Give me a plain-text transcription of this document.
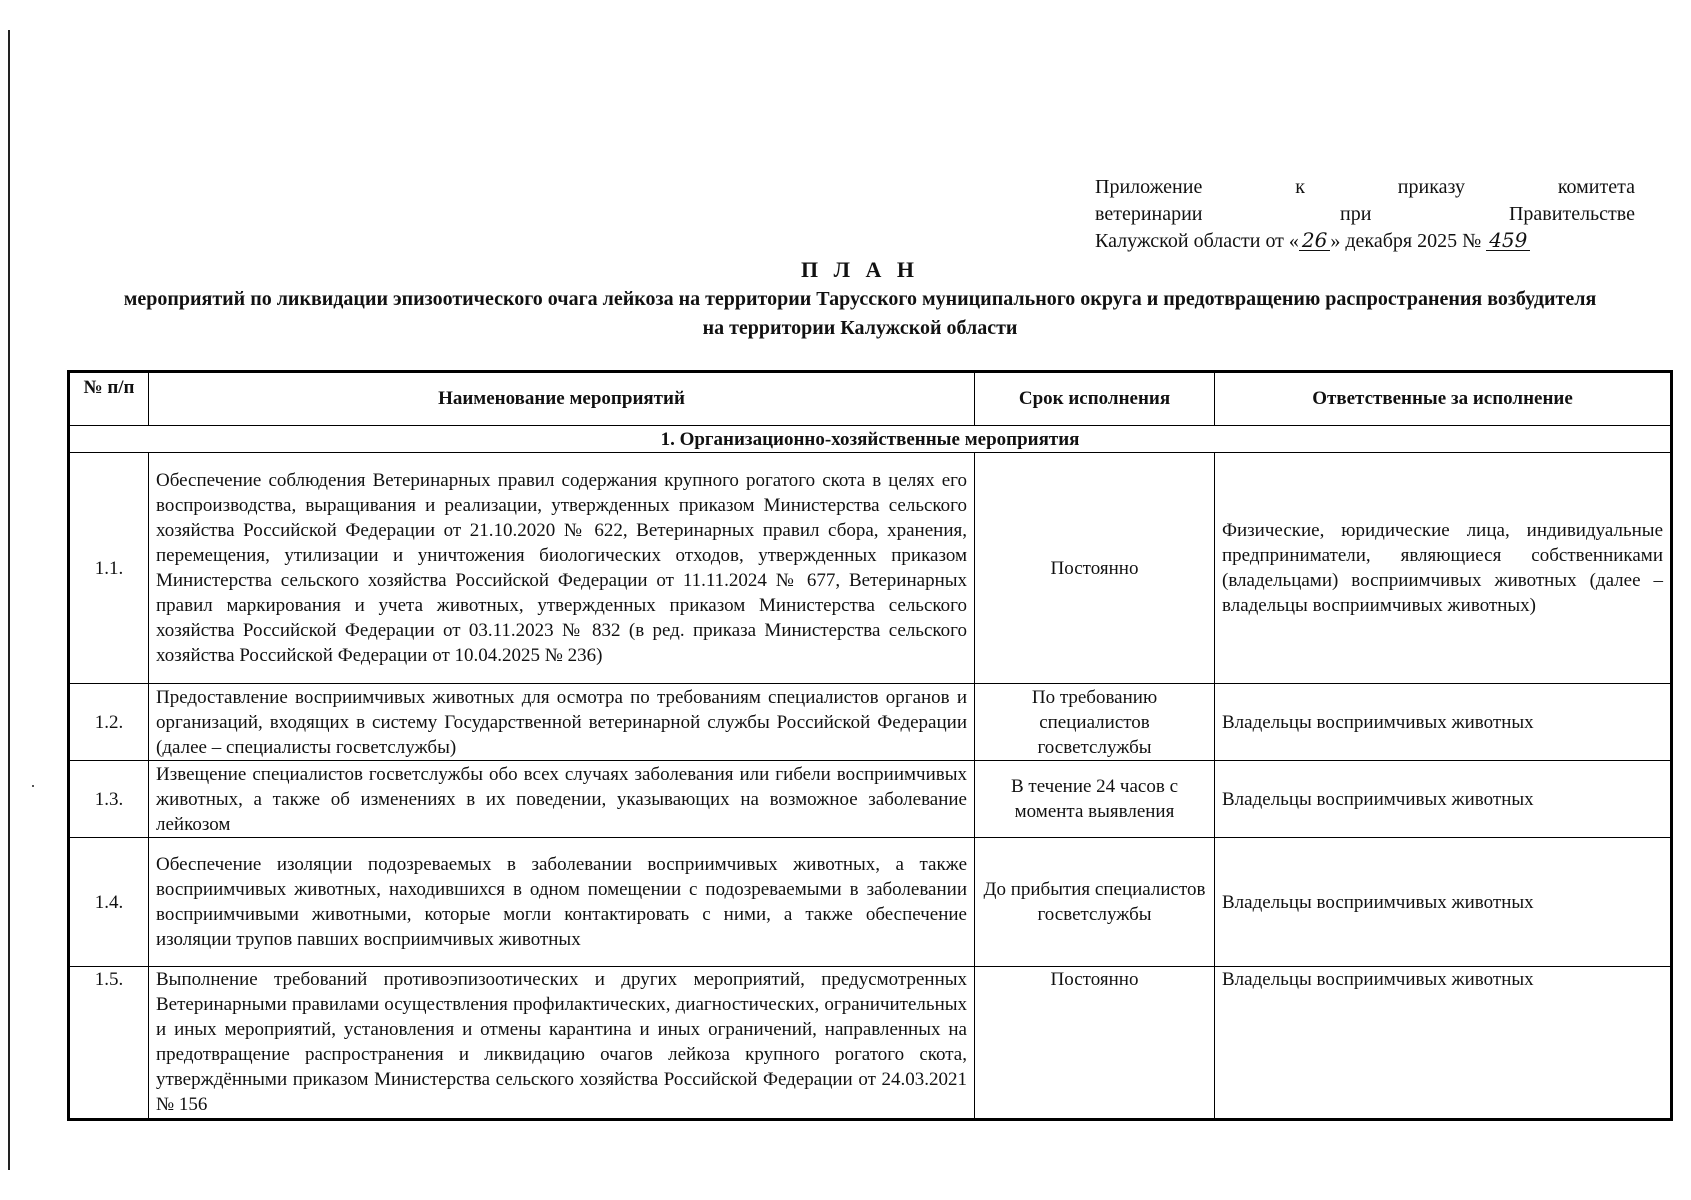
Приложение	к	приказу	комитета
ветеринарии	при	Правительстве
Калужской области от « 26 » декабря 2025 № 459
П Л А Н
мероприятий по ликвидации эпизоотического очага лейкоза на территории Тарусского муниципального округа и предотвращению распространения возбудителя на территории Калужской области
№ п/п	Наименование мероприятий	Срок исполнения	Ответственные за исполнение
1. Организационно-хозяйственные мероприятия			
1.1.	Обеспечение соблюдения Ветеринарных правил содержания крупного рогатого скота в целях его воспроизводства, выращивания и реализации, утвержденных приказом Министерства сельского хозяйства Российской Федерации от 21.10.2020 № 622, Ветеринарных правил сбора, хранения, перемещения, утилизации и уничтожения биологических отходов, утвержденных приказом Министерства сельского хозяйства Российской Федерации от 11.11.2024 № 677, Ветеринарных правил маркирования и учета животных, утвержденных приказом Министерства сельского хозяйства Российской Федерации от 03.11.2023 № 832 (в ред. приказа Министерства сельского хозяйства Российской Федерации от 10.04.2025 № 236)	Постоянно	Физические, юридические лица, индивидуальные предприниматели, являющиеся собственниками (владельцами) восприимчивых животных (далее – владельцы восприимчивых животных)
1.2.	Предоставление восприимчивых животных для осмотра по требованиям специалистов органов и организаций, входящих в систему Государственной ветеринарной службы Российской Федерации (далее – специалисты госветслужбы)	По требованию специалистов госветслужбы	Владельцы восприимчивых животных
1.3.	Извещение специалистов госветслужбы обо всех случаях заболевания или гибели восприимчивых животных, а также об изменениях в их поведении, указывающих на возможное заболевание лейкозом	В течение 24 часов с момента выявления	Владельцы восприимчивых животных
1.4.	Обеспечение изоляции подозреваемых в заболевании восприимчивых животных, а также восприимчивых животных, находившихся в одном помещении с подозреваемыми в заболевании восприимчивыми животными, которые могли контактировать с ними, а также обеспечение изоляции трупов павших восприимчивых животных	До прибытия специалистов госветслужбы	Владельцы восприимчивых животных
1.5.	Выполнение требований противоэпизоотических и других мероприятий, предусмотренных Ветеринарными правилами осуществления профилактических, диагностических, ограничительных и иных мероприятий, установления и отмены карантина и иных ограничений, направленных на предотвращение распространения и ликвидацию очагов лейкоза крупного рогатого скота, утверждёнными приказом Министерства сельского хозяйства Российской Федерации от 24.03.2021 № 156	Постоянно	Владельцы восприимчивых животных
